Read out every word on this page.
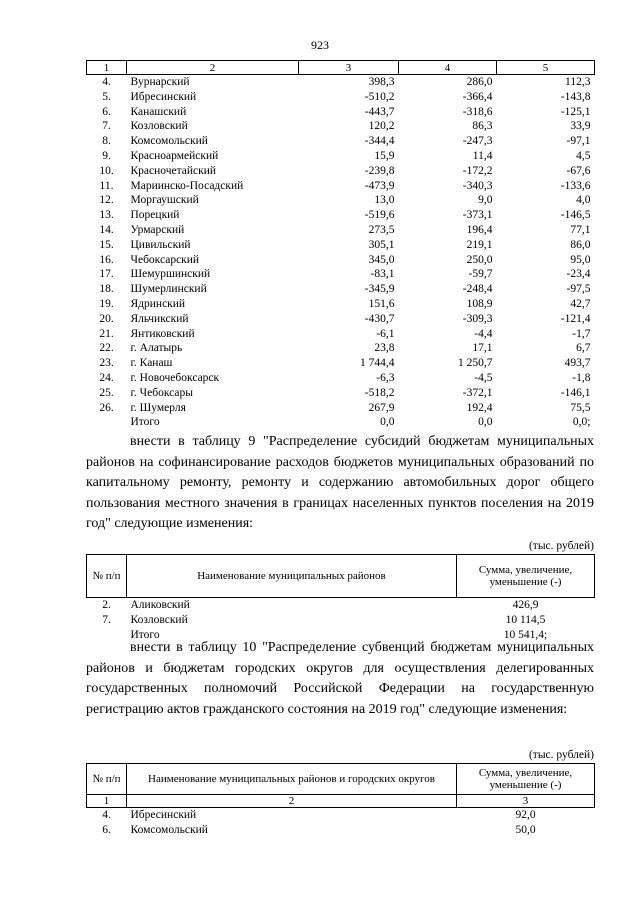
923
1	2	3	4	5
4.	Вурнарский	398,3	286,0	112,3
5.	Ибресинский	-510,2	-366,4	-143,8
6.	Канашский	-443,7	-318,6	-125,1
7.	Козловский	120,2	86,3	33,9
8.	Комсомольский	-344,4	-247,3	-97,1
9.	Красноармейский	15,9	11,4	4,5
10.	Красночетайский	-239,8	-172,2	-67,6
11.	Мариинско-Посадский	-473,9	-340,3	-133,6
12.	Моргаушский	13,0	9,0	4,0
13.	Порецкий	-519,6	-373,1	-146,5
14.	Урмарский	273,5	196,4	77,1
15.	Цивильский	305,1	219,1	86,0
16.	Чебоксарский	345,0	250,0	95,0
17.	Шемуршинский	-83,1	-59,7	-23,4
18.	Шумерлинский	-345,9	-248,4	-97,5
19.	Ядринский	151,6	108,9	42,7
20.	Яльчикский	-430,7	-309,3	-121,4
21.	Янтиковский	-6,1	-4,4	-1,7
22.	г. Алатырь	23,8	17,1	6,7
23.	г. Канаш	1 744,4	1 250,7	493,7
24.	г. Новочебоксарск	-6,3	-4,5	-1,8
25.	г. Чебоксары	-518,2	-372,1	-146,1
26.	г. Шумерля	267,9	192,4	75,5
	Итого	0,0	0,0	0,0;
внести в таблицу 9 "Распределение субсидий бюджетам муниципальных районов на софинансирование расходов бюджетов муниципальных образований по капитальному ремонту, ремонту и содержанию автомобильных дорог общего пользования местного значения в границах населенных пунктов поселения на 2019 год" следующие изменения:
(тыс. рублей)
№ п/п	Наименование муниципальных районов	Сумма, увеличение, уменьшение (-)
2.	Аликовский	426,9
7.	Козловский	10 114,5
	Итого	10 541,4;
внести в таблицу 10 "Распределение субвенций бюджетам муниципальных районов и бюджетам городских округов для осуществления делегированных государственных полномочий Российской Федерации на государственную регистрацию актов гражданского состояния на 2019 год" следующие изменения:
(тыс. рублей)
№ п/п	Наименование муниципальных районов и городских округов	Сумма, увеличение, уменьшение (-)
1	2	3
4.	Ибресинский	92,0
6.	Комсомольский	50,0
